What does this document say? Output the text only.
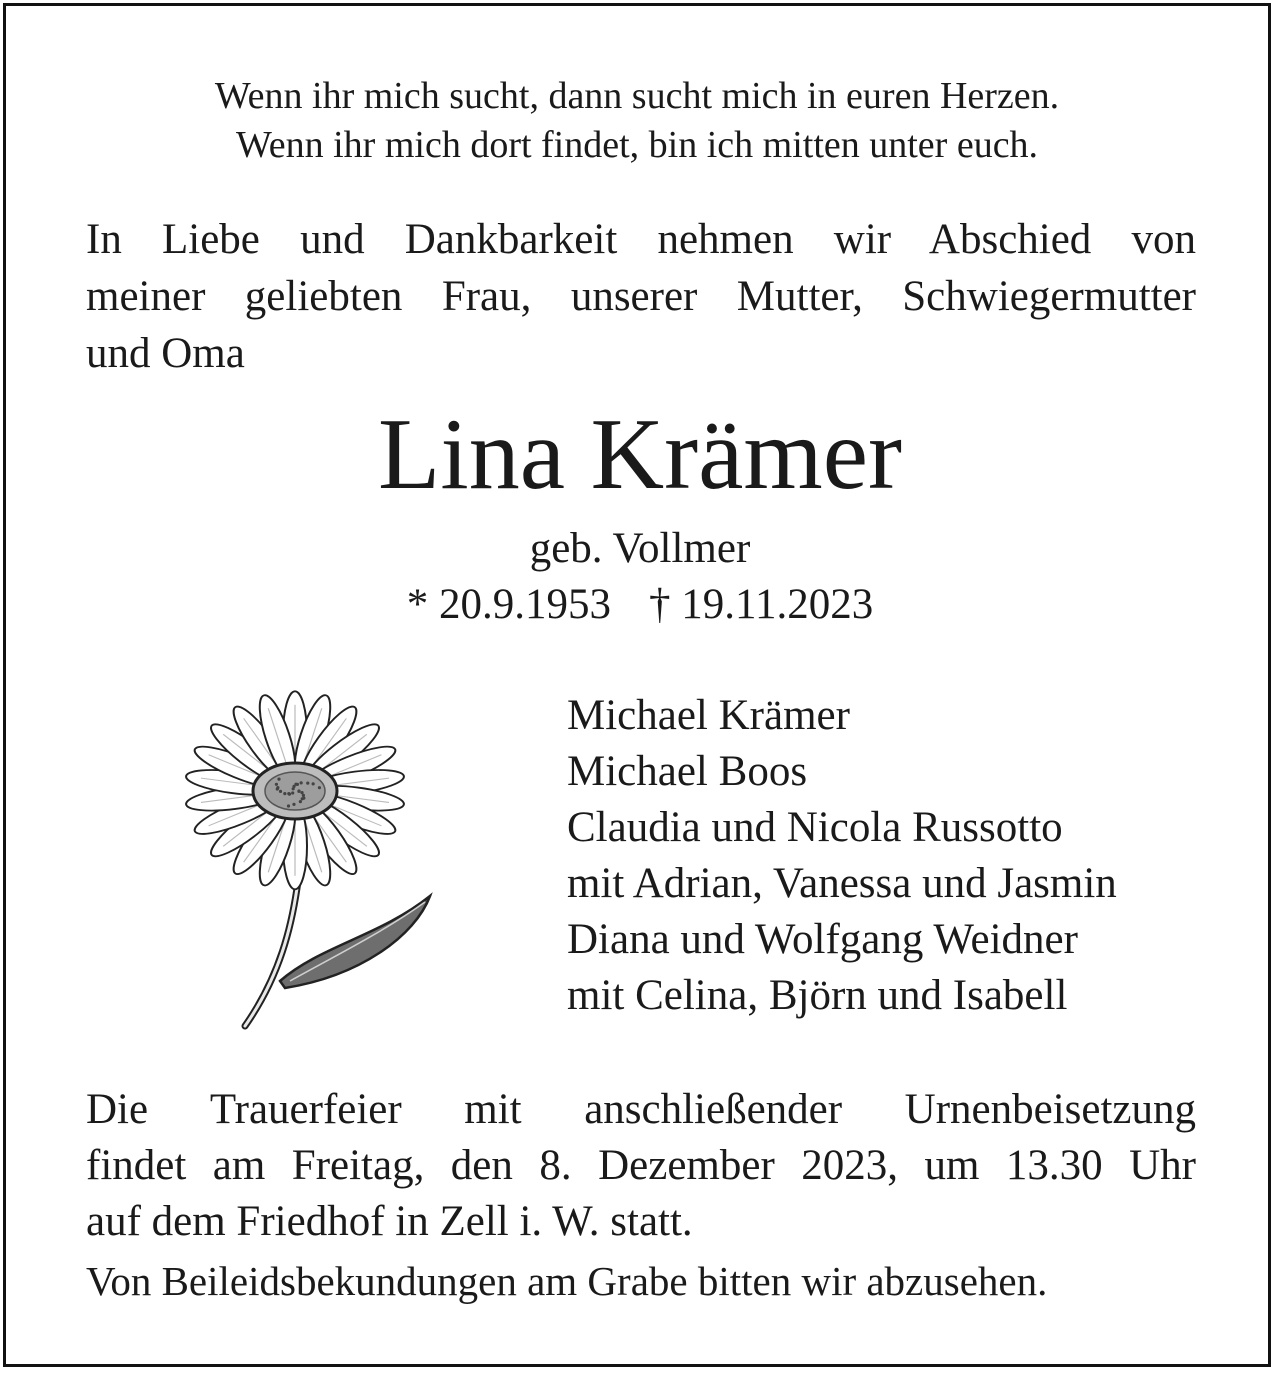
Wenn ihr mich sucht, dann sucht mich in euren Herzen.
Wenn ihr mich dort findet, bin ich mitten unter euch.
In Liebe und Dankbarkeit nehmen wir Abschied von
meiner geliebten Frau, unserer Mutter, Schwiegermutter
und Oma
Lina Krämer
geb. Vollmer
* 20.9.1953 † 19.11.2023
Michael Krämer
Michael Boos
Claudia und Nicola Russotto
mit Adrian, Vanessa und Jasmin
Diana und Wolfgang Weidner
mit Celina, Björn und Isabell
Die Trauerfeier mit anschließender Urnenbeisetzung
findet am Freitag, den 8. Dezember 2023, um 13.30 Uhr
auf dem Friedhof in Zell i. W. statt.
Von Beileidsbekundungen am Grabe bitten wir abzusehen.
